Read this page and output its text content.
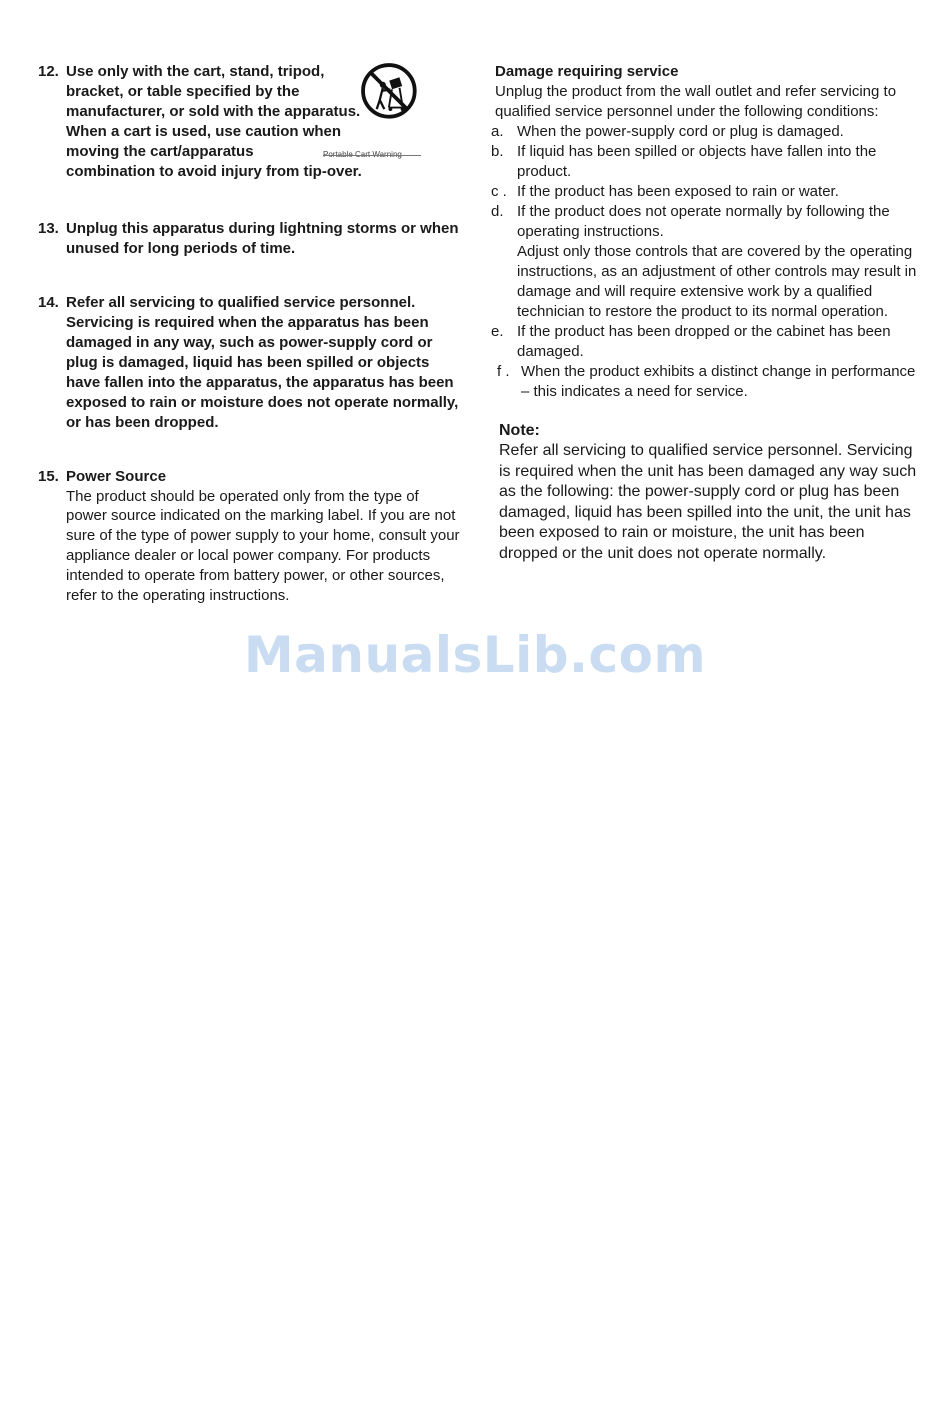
12. Use only with the cart, stand, tripod,
bracket, or table specified by the
manufacturer, or sold with the apparatus.
When a cart is used, use caution when
moving the cart/apparatus
combination to avoid injury from tip-over.
13. Unplug this apparatus during lightning storms or when unused for long periods of time.
14. Refer all servicing to qualified service personnel. Servicing is required when the apparatus has been damaged in any way, such as power-supply cord or plug is damaged, liquid has been spilled or objects have fallen into the apparatus, the apparatus has been exposed to rain or moisture does not operate normally, or has been dropped.
15. Power Source
The product should be operated only from the type of power source indicated on the marking label. If you are not sure of the type of power supply to your home, consult your appliance dealer or local power company. For products intended to operate from battery power, or other sources, refer to the operating instructions.
Damage requiring service
Unplug the product from the wall outlet and refer servicing to qualified service personnel under the following conditions:
a. When the power-supply cord or plug is damaged.
b. If liquid has been spilled or objects have fallen into the product.
c . If the product has been exposed to rain or water.
d. If the product does not operate normally by following the operating instructions.
Adjust only those controls that are covered by the operating instructions, as an adjustment of other controls may result in damage and will require extensive work by a qualified technician to restore the product to its normal operation.
e. If the product has been dropped or the cabinet has been damaged.
f . When the product exhibits a distinct change in performance – this indicates a need for service.
Note:
Refer all servicing to qualified service personnel. Servicing is required when the unit has been damaged any way such as the following: the power-supply cord or plug has been damaged, liquid has been spilled into the unit, the unit has been exposed to rain or moisture, the unit has been dropped or the unit does not operate normally.
ManualsLib.com
